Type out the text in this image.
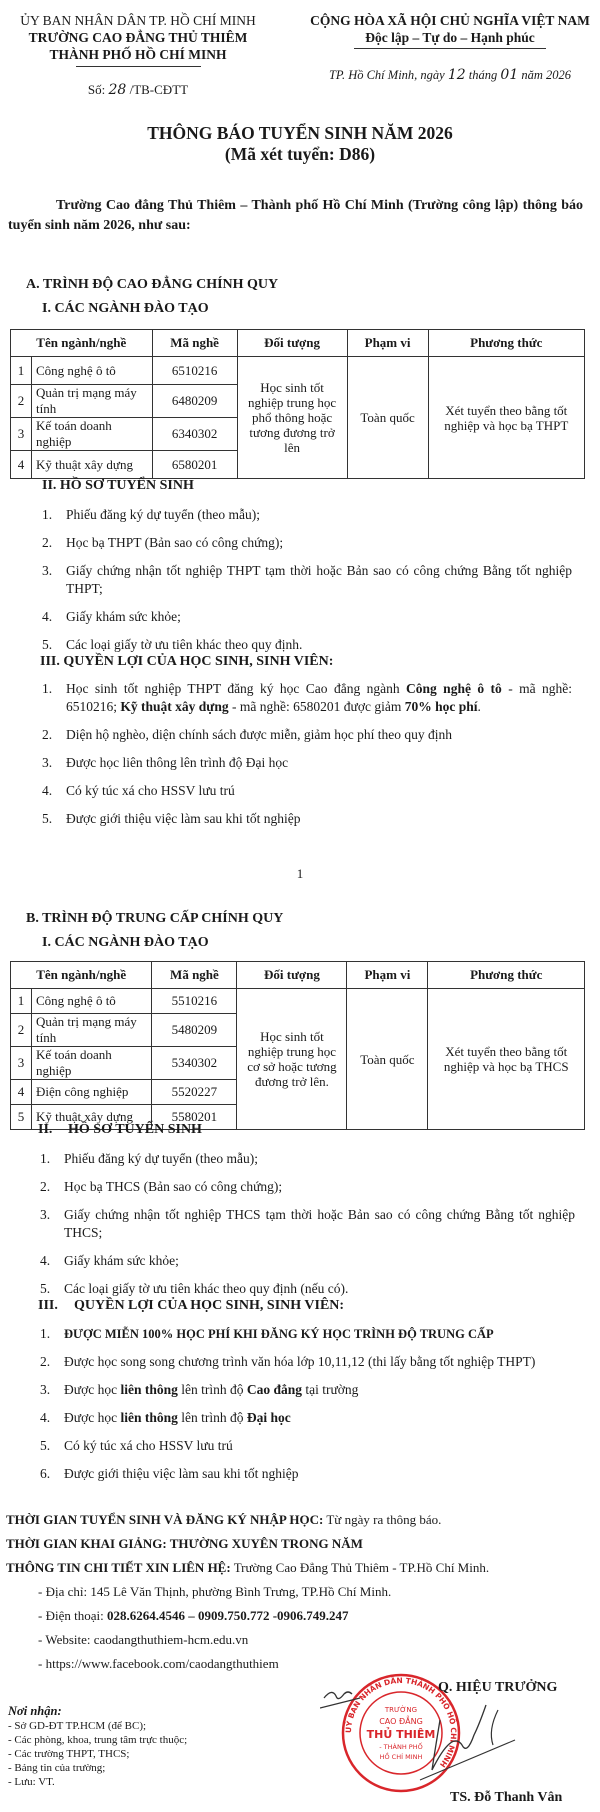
ỦY BAN NHÂN DÂN TP. HỒ CHÍ MINH
TRƯỜNG CAO ĐẲNG THỦ THIÊM
THÀNH PHỐ HỒ CHÍ MINH
Số: 28 /TB-CĐTT
CỘNG HÒA XÃ HỘI CHỦ NGHĨA VIỆT NAM
Độc lập – Tự do – Hạnh phúc
TP. Hồ Chí Minh, ngày 12 tháng 01 năm 2026
THÔNG BÁO TUYỂN SINH NĂM 2026
(Mã xét tuyển: D86)
Trường Cao đẳng Thủ Thiêm – Thành phố Hồ Chí Minh (Trường công lập) thông báo tuyển sinh năm 2026, như sau:
A. TRÌNH ĐỘ CAO ĐẲNG CHÍNH QUY
I. CÁC NGÀNH ĐÀO TẠO
Tên ngành/nghề		Mã nghề	Đối tượng	Phạm vi	Phương thức
1	Công nghệ ô tô	6510216	Học sinh tốt nghiệp trung học phổ thông hoặc tương đương trở lên	Toàn quốc	Xét tuyển theo bằng tốt nghiệp và học bạ THPT
2	Quản trị mạng máy tính	6480209			
3	Kế toán doanh nghiệp	6340302			
4	Kỹ thuật xây dựng	6580201			
II. HỒ SƠ TUYỂN SINH
1.	Phiếu đăng ký dự tuyển (theo mẫu);
2.	Học bạ THPT (Bản sao có công chứng);
3.	Giấy chứng nhận tốt nghiệp THPT tạm thời hoặc Bản sao có công chứng Bằng tốt nghiệp THPT;
4.	Giấy khám sức khỏe;
5.	Các loại giấy tờ ưu tiên khác theo quy định.
III. QUYỀN LỢI CỦA HỌC SINH, SINH VIÊN:
1.	Học sinh tốt nghiệp THPT đăng ký học Cao đẳng ngành Công nghệ ô tô - mã nghề: 6510216; Kỹ thuật xây dựng - mã nghề: 6580201 được giảm 70% học phí.
2.	Diện hộ nghèo, diện chính sách được miễn, giảm học phí theo quy định
3.	Được học liên thông lên trình độ Đại học
4.	Có ký túc xá cho HSSV lưu trú
5.	Được giới thiệu việc làm sau khi tốt nghiệp
1
B. TRÌNH ĐỘ TRUNG CẤP CHÍNH QUY
I. CÁC NGÀNH ĐÀO TẠO
Tên ngành/nghề		Mã nghề	Đối tượng	Phạm vi	Phương thức
1	Công nghệ ô tô	5510216	Học sinh tốt nghiệp trung học cơ sở hoặc tương đương trở lên.	Toàn quốc	Xét tuyển theo bằng tốt nghiệp và học bạ THCS
2	Quản trị mạng máy tính	5480209			
3	Kế toán doanh nghiệp	5340302			
4	Điện công nghiệp	5520227			
5	Kỹ thuật xây dựng	5580201			
II. HỒ SƠ TUYỂN SINH
1.	Phiếu đăng ký dự tuyển (theo mẫu);
2.	Học bạ THCS (Bản sao có công chứng);
3.	Giấy chứng nhận tốt nghiệp THCS tạm thời hoặc Bản sao có công chứng Bằng tốt nghiệp THCS;
4.	Giấy khám sức khỏe;
5.	Các loại giấy tờ ưu tiên khác theo quy định (nếu có).
III. QUYỀN LỢI CỦA HỌC SINH, SINH VIÊN:
1.	ĐƯỢC MIỄN 100% HỌC PHÍ KHI ĐĂNG KÝ HỌC TRÌNH ĐỘ TRUNG CẤP
2.	Được học song song chương trình văn hóa lớp 10,11,12 (thi lấy bằng tốt nghiệp THPT)
3.	Được học liên thông lên trình độ Cao đẳng tại trường
4.	Được học liên thông lên trình độ Đại học
5.	Có ký túc xá cho HSSV lưu trú
6.	Được giới thiệu việc làm sau khi tốt nghiệp
THỜI GIAN TUYỂN SINH VÀ ĐĂNG KÝ NHẬP HỌC: Từ ngày ra thông báo.
THỜI GIAN KHAI GIẢNG: THƯỜNG XUYÊN TRONG NĂM
THÔNG TIN CHI TIẾT XIN LIÊN HỆ: Trường Cao Đẳng Thủ Thiêm - TP.Hồ Chí Minh.
- Địa chỉ: 145 Lê Văn Thịnh, phường Bình Trưng, TP.Hồ Chí Minh.
- Điện thoại: 028.6264.4546 – 0909.750.772 -0906.749.247
- Website: caodangthuthiem-hcm.edu.vn
- https://www.facebook.com/caodangthuthiem
Nơi nhận:
- Sở GD-ĐT TP.HCM (để BC);
- Các phòng, khoa, trung tâm trực thuộc;
- Các trường THPT, THCS;
- Bảng tin của trường;
- Lưu: VT.
UỶ BAN NHÂN DÂN THÀNH PHỐ HỒ CHÍ MINH
TRƯỜNG
CAO ĐẲNG
THỦ THIÊM
- THÀNH PHỐ
HỒ CHÍ MINH
Q. HIỆU TRƯỞNG
TS. Đỗ Thanh Vân
